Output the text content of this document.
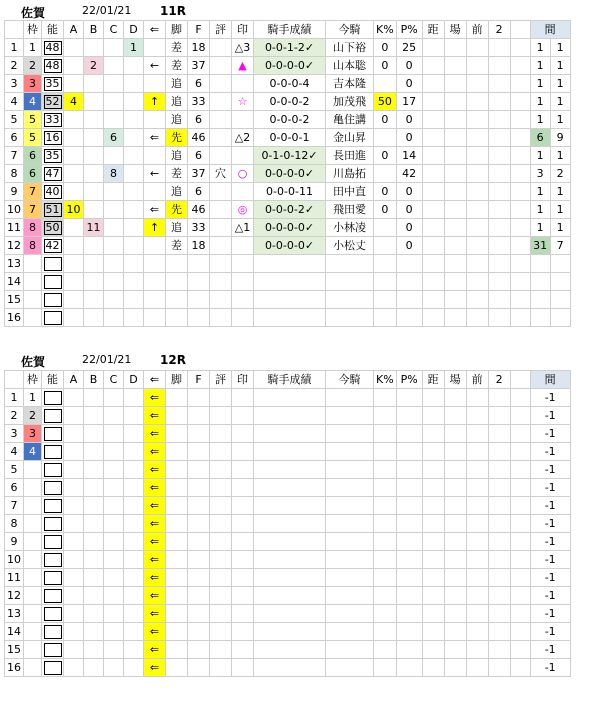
佐賀	22/01/21 11R
	枠	能	A	B	C	D	⇐	脚	F	評	印	騎手成績	今騎	K%	P%	距	場	前	2		間	
1	1	48				1		差	18		△3	0-0-1-2✓	山下裕	0	25						1	1
2	2	48		2			←	差	37		▲	0-0-0-0✓	山本聡	0	0						1	1
3	3	35						追	6			0-0-0-4	吉本隆		0						1	1
4	4	52	4				↑	追	33		☆	0-0-0-2	加茂飛	50	17						1	1
5	5	33						追	6			0-0-0-2	亀住講	0	0						1	1
6	5	16			6		⇐	先	46		△2	0-0-0-1	金山昇		0						6	9
7	6	35						追	6			0-1-0-12✓	長田進	0	14						1	1
8	6	47			8		←	差	37	穴	○	0-0-0-0✓	川島拓		42						3	2
9	7	40						追	6			0-0-0-11	田中直	0	0						1	1
10	7	51	10				⇐	先	46		◎	0-0-0-2✓	飛田愛	0	0						1	1
11	8	50		11			↑	追	33		△1	0-0-0-0✓	小林凌		0						1	1
12	8	42						差	18			0-0-0-0✓	小松丈		0						31	7
13																						
14																						
15																						
16																						
佐賀	22/01/21 12R
	枠	能	A	B	C	D	⇐	脚	F	評	印	騎手成績	今騎	K%	P%	距	場	前	2		間
1	1						⇐														-1
2	2						⇐														-1
3	3						⇐														-1
4	4						⇐														-1
5							⇐														-1
6							⇐														-1
7							⇐														-1
8							⇐														-1
9							⇐														-1
10							⇐														-1
11							⇐														-1
12							⇐														-1
13							⇐														-1
14							⇐														-1
15							⇐														-1
16							⇐														-1
